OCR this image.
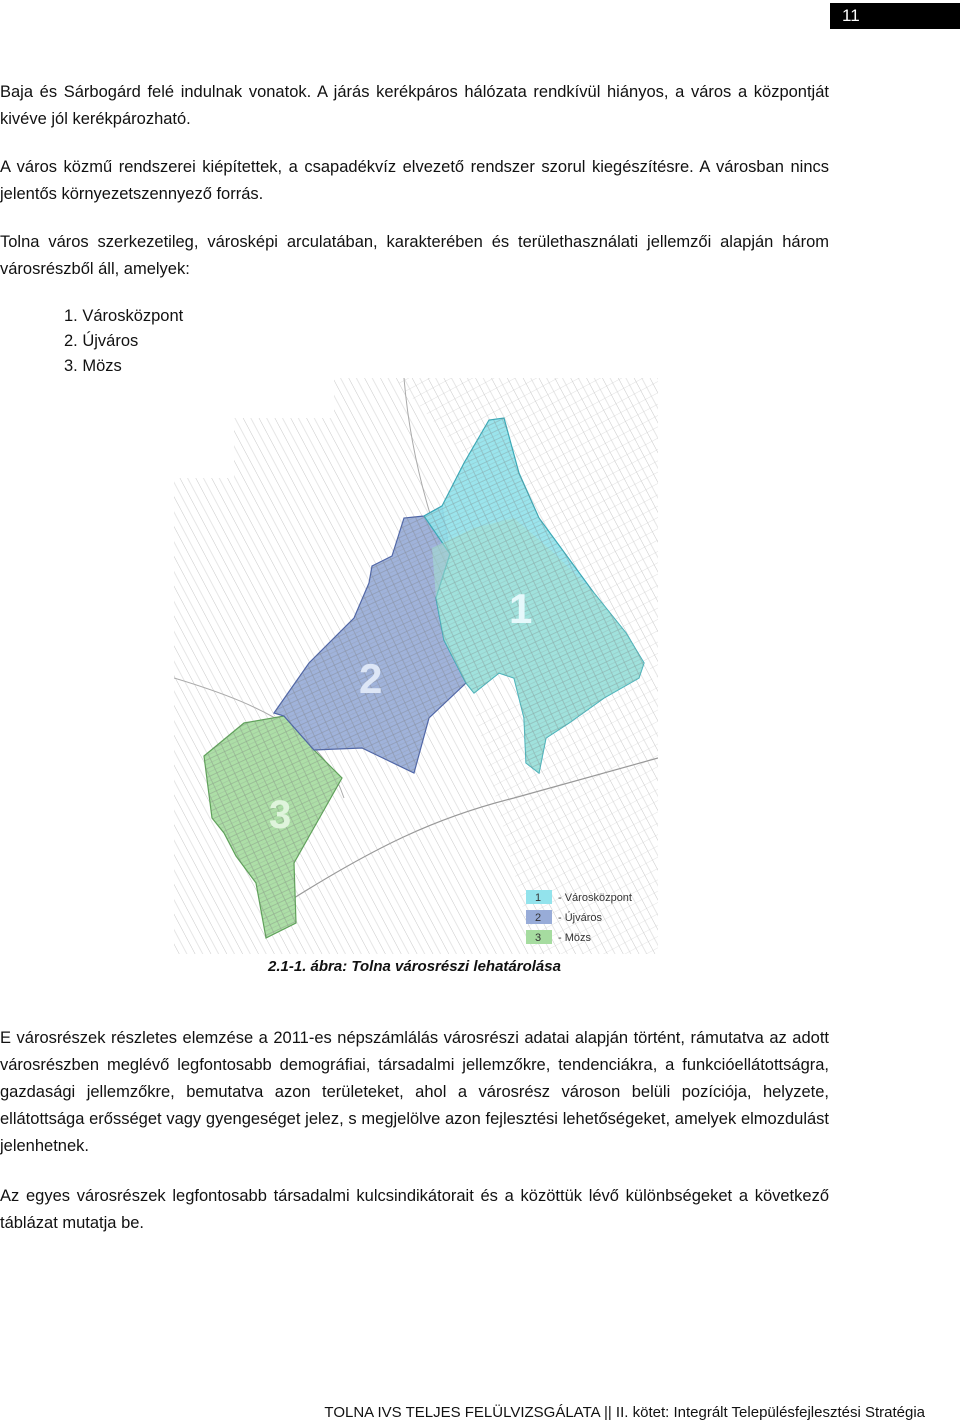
11

Baja és Sárbogárd felé indulnak vonatok. A járás kerékpáros hálózata rendkívül hiányos, a város a központját kivéve jól kerékpározható.

A város közmű rendszerei kiépítettek, a csapadékvíz elvezető rendszer szorul kiegészítésre. A városban nincs jelentős környezetszennyező forrás.

Tolna város szerkezetileg, városképi arculatában, karakterében és területhasználati jellemzői alapján három városrészből áll, amelyek:

1. Városközpont
2. Újváros
3. Mözs
3
2
1
1 - Városközpont
2 - Újváros
3 - Mözs
2.1-1. ábra: Tolna városrészi lehatárolása

E városrészek részletes elemzése a 2011-es népszámlálás városrészi adatai alapján történt, rámutatva az adott városrészben meglévő legfontosabb demográfiai, társadalmi jellemzőkre, tendenciákra, a funkcióellátottságra, gazdasági jellemzőkre, bemutatva azon területeket, ahol a városrész városon belüli pozíciója, helyzete, ellátottsága erősséget vagy gyengeséget jelez, s megjelölve azon fejlesztési lehetőségeket, amelyek elmozdulást jelenhetnek.

Az egyes városrészek legfontosabb társadalmi kulcsindikátorait és a közöttük lévő különbségeket a következő táblázat mutatja be.

TOLNA IVS TELJES FELÜLVIZSGÁLATA || II. kötet: Integrált Településfejlesztési Stratégia
